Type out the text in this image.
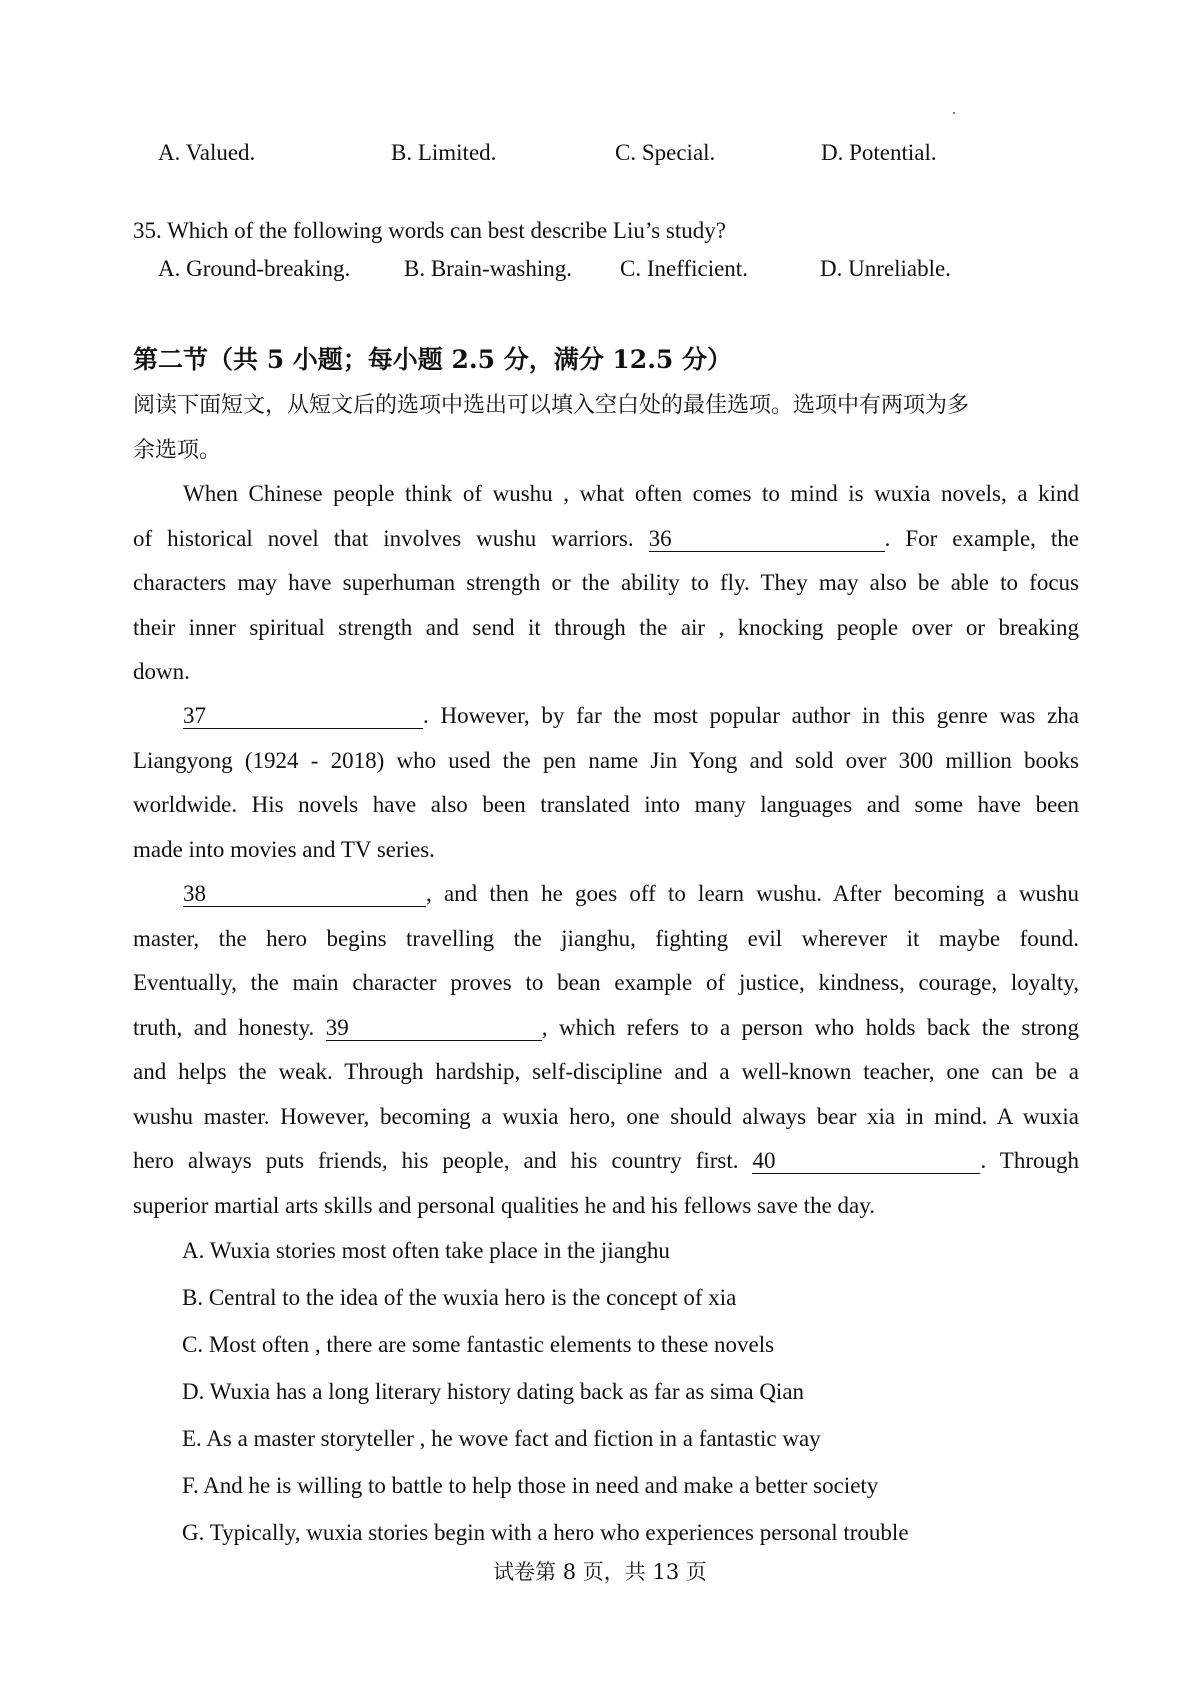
A. Valued.	B. Limited.	C. Special.	D. Potential.
35. Which of the following words can best describe Liu’s study?
A. Ground-breaking. B. Brain-washing. C. Inefficient.	D. Unreliable.
第二节（共 5 小题；每小题 2.5 分，满分 12.5 分）
阅读下面短文，从短文后的选项中选出可以填入空白处的最佳选项。选项中有两项为多
余选项。
When Chinese people think of wushu , what often comes to mind is wuxia novels, a kind
of historical novel that involves wushu warriors. 36	. For example, the
characters may have superhuman strength or the ability to fly. They may also be able to focus
their inner spiritual strength and send it through the air , knocking people over or breaking
down.
37	. However, by far the most popular author in this genre was zha
Liangyong (1924 - 2018) who used the pen name Jin Yong and sold over 300 million books
worldwide. His novels have also been translated into many languages and some have been
made into movies and TV series.
38	, and then he goes off to learn wushu. After becoming a wushu
master, the hero begins travelling the jianghu, fighting evil wherever it maybe found.
Eventually, the main character proves to bean example of justice, kindness, courage, loyalty,
truth, and honesty. 39	, which refers to a person who holds back the strong
and helps the weak. Through hardship, self-discipline and a well-known teacher, one can be a
wushu master. However, becoming a wuxia hero, one should always bear xia in mind. A wuxia
hero always puts friends, his people, and his country first. 40	. Through
superior martial arts skills and personal qualities he and his fellows save the day.
A. Wuxia stories most often take place in the jianghu
B. Central to the idea of the wuxia hero is the concept of xia
C. Most often , there are some fantastic elements to these novels
D. Wuxia has a long literary history dating back as far as sima Qian
E. As a master storyteller , he wove fact and fiction in a fantastic way
F. And he is willing to battle to help those in need and make a better society
G. Typically, wuxia stories begin with a hero who experiences personal trouble
试卷第 8 页，共 13 页
